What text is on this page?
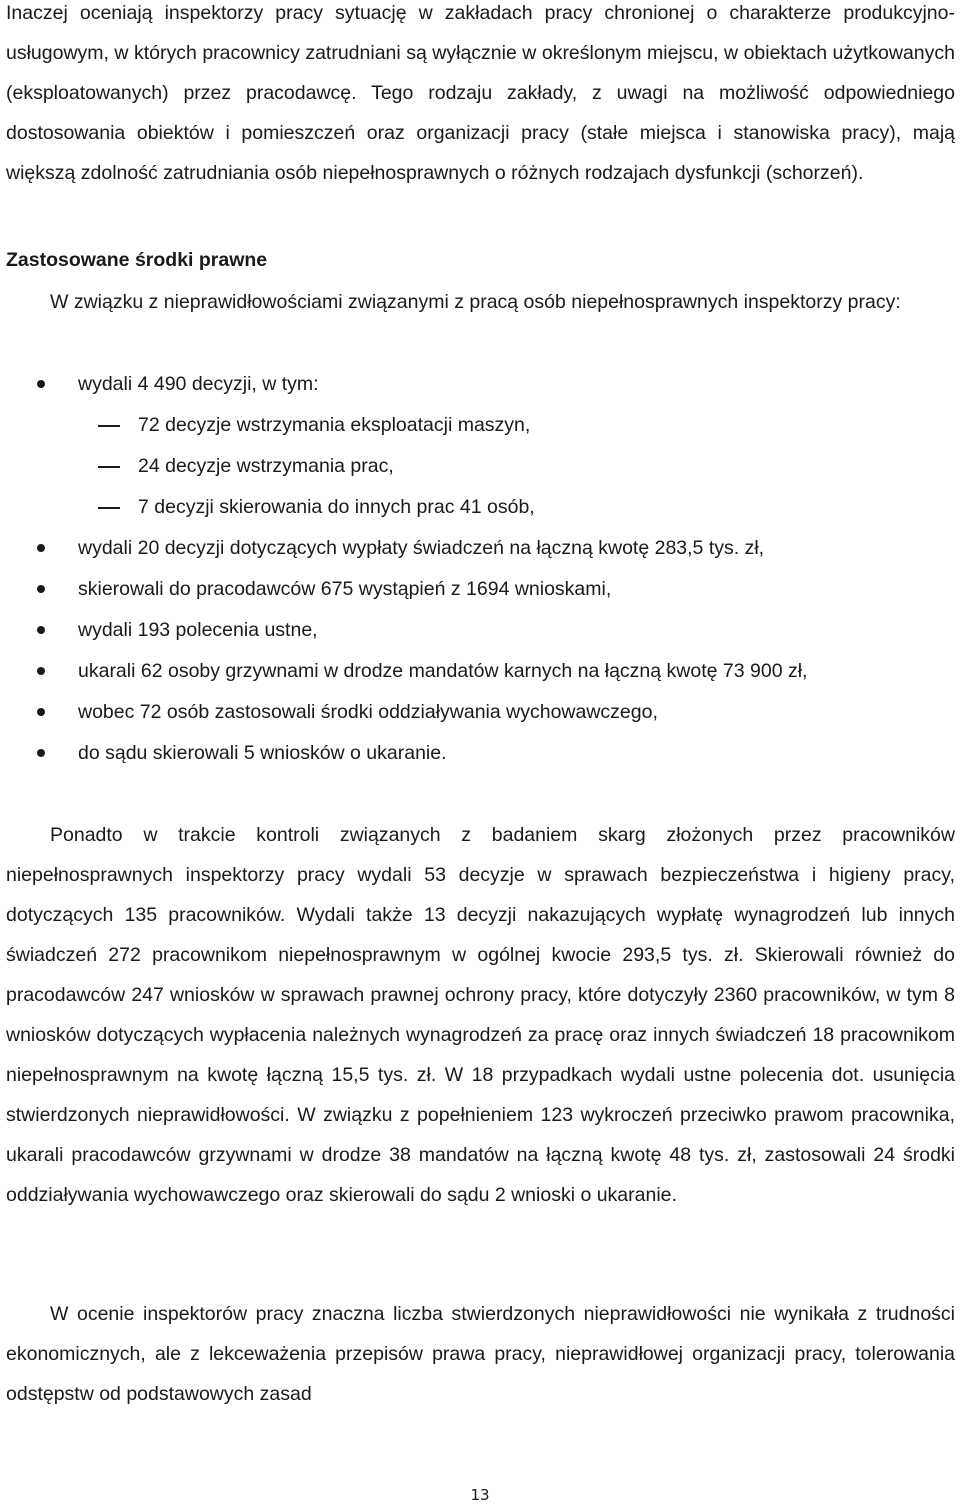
Inaczej oceniają inspektorzy pracy sytuację w zakładach pracy chronionej o charakterze produkcyjno-usługowym, w których pracownicy zatrudniani są wyłącznie w określonym miejscu, w obiektach użytkowanych (eksploatowanych) przez pracodawcę. Tego rodzaju zakłady, z uwagi na możliwość odpowiedniego dostosowania obiektów i pomieszczeń oraz organizacji pracy (stałe miejsca i stanowiska pracy), mają większą zdolność zatrudniania osób niepełnosprawnych o różnych rodzajach dysfunkcji (schorzeń).

Zastosowane środki prawne

W związku z nieprawidłowościami związanymi z pracą osób niepełnosprawnych inspektorzy pracy:

wydali 4 490 decyzji, w tym:
72 decyzje wstrzymania eksploatacji maszyn,
24 decyzje wstrzymania prac,
7 decyzji skierowania do innych prac 41 osób,
wydali 20 decyzji dotyczących wypłaty świadczeń na łączną kwotę 283,5 tys. zł,
skierowali do pracodawców 675 wystąpień z 1694 wnioskami,
wydali 193 polecenia ustne,
ukarali 62 osoby grzywnami w drodze mandatów karnych na łączną kwotę 73 900 zł,
wobec 72 osób zastosowali środki oddziaływania wychowawczego,
do sądu skierowali 5 wniosków o ukaranie.

Ponadto w trakcie kontroli związanych z badaniem skarg złożonych przez pracowników niepełnosprawnych inspektorzy pracy wydali 53 decyzje w sprawach bezpieczeństwa i higieny pracy, dotyczących 135 pracowników. Wydali także 13 decyzji nakazujących wypłatę wynagrodzeń lub innych świadczeń 272 pracownikom niepełnosprawnym w ogólnej kwocie 293,5 tys. zł. Skierowali również do pracodawców 247 wniosków w sprawach prawnej ochrony pracy, które dotyczyły 2360 pracowników, w tym 8 wniosków dotyczących wypłacenia należnych wynagrodzeń za pracę oraz innych świadczeń 18 pracownikom niepełnosprawnym na kwotę łączną 15,5 tys. zł. W 18 przypadkach wydali ustne polecenia dot. usunięcia stwierdzonych nieprawidłowości. W związku z popełnieniem 123 wykroczeń przeciwko prawom pracownika, ukarali pracodawców grzywnami w drodze 38 mandatów na łączną kwotę 48 tys. zł, zastosowali 24 środki oddziaływania wychowawczego oraz skierowali do sądu 2 wnioski o ukaranie.

W ocenie inspektorów pracy znaczna liczba stwierdzonych nieprawidłowości nie wynikała z trudności ekonomicznych, ale z lekceważenia przepisów prawa pracy, nieprawidłowej organizacji pracy, tolerowania odstępstw od podstawowych zasad

13
